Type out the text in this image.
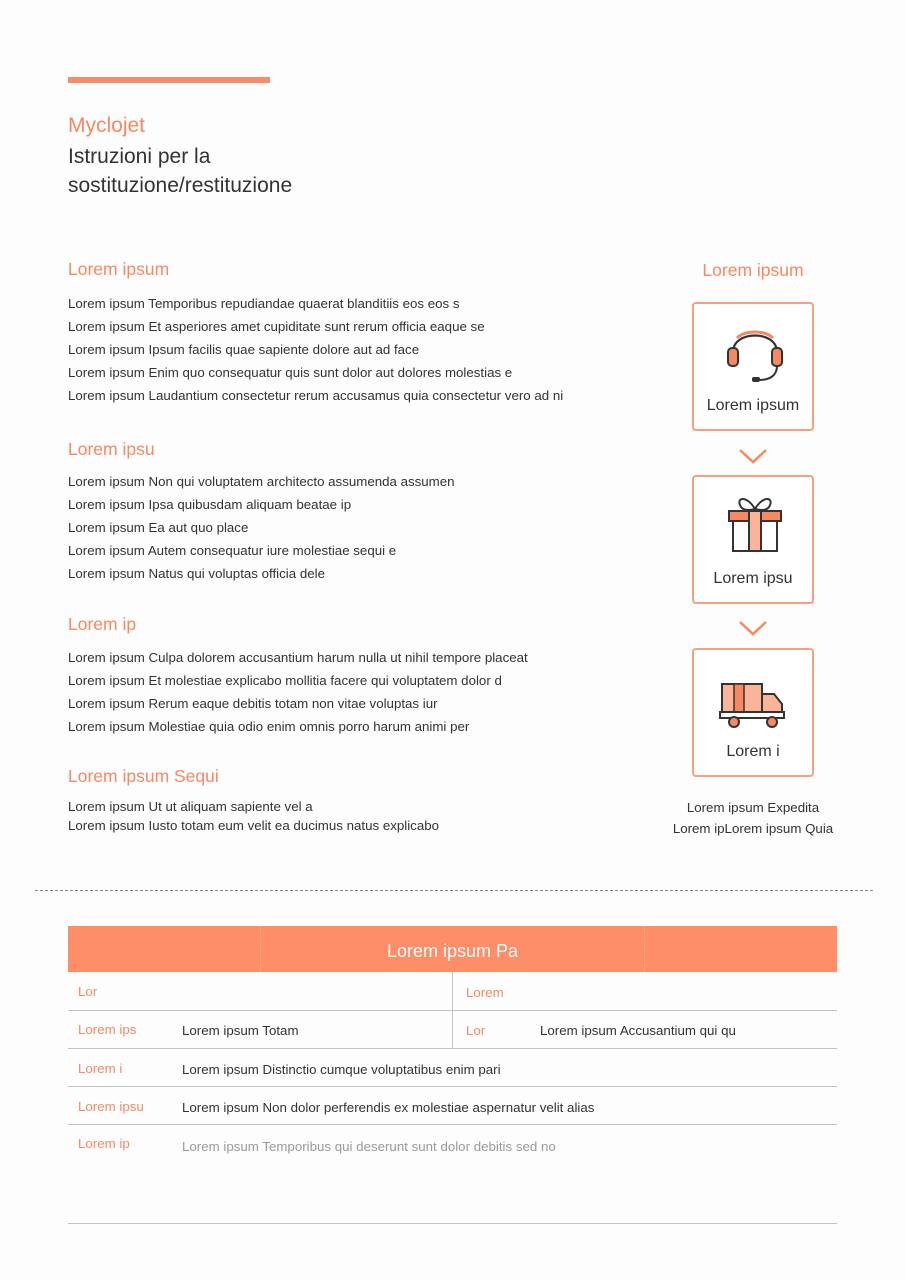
Myclojet
Istruzioni per la sostituzione/restituzione
Lorem ipsum
Lorem ipsum Temporibus repudiandae quaerat blanditiis eos eos s
Lorem ipsum Et asperiores amet cupiditate sunt rerum officia eaque se
Lorem ipsum Ipsum facilis quae sapiente dolore aut ad face
Lorem ipsum Enim quo consequatur quis sunt dolor aut dolores molestias e
Lorem ipsum Laudantium consectetur rerum accusamus quia consectetur vero ad ni
Lorem ipsu
Lorem ipsum Non qui voluptatem architecto assumenda assumen
Lorem ipsum Ipsa quibusdam aliquam beatae ip
Lorem ipsum Ea aut quo place
Lorem ipsum Autem consequatur iure molestiae sequi e
Lorem ipsum Natus qui voluptas officia dele
Lorem ip
Lorem ipsum Culpa dolorem accusantium harum nulla ut nihil tempore placeat
Lorem ipsum Et molestiae explicabo mollitia facere qui voluptatem dolor d
Lorem ipsum Rerum eaque debitis totam non vitae voluptas iur
Lorem ipsum Molestiae quia odio enim omnis porro harum animi per
Lorem ipsum Sequi
Lorem ipsum Ut ut aliquam sapiente vel a
Lorem ipsum Iusto totam eum velit ea ducimus natus explicabo
Lorem ipsum
Lorem ipsum
Lorem ipsu
Lorem i
Lorem ipsum Expedita
Lorem ipLorem ipsum Quia
Lorem ipsum Pa
Lor	Lorem
Lorem ips	Lorem ipsum Totam	Lor	Lorem ipsum Accusantium qui qu
Lorem i	Lorem ipsum Distinctio cumque voluptatibus enim pari
Lorem ipsu	Lorem ipsum Non dolor perferendis ex molestiae aspernatur velit alias
Lorem ip	Lorem ipsum Temporibus qui deserunt sunt dolor debitis sed no
